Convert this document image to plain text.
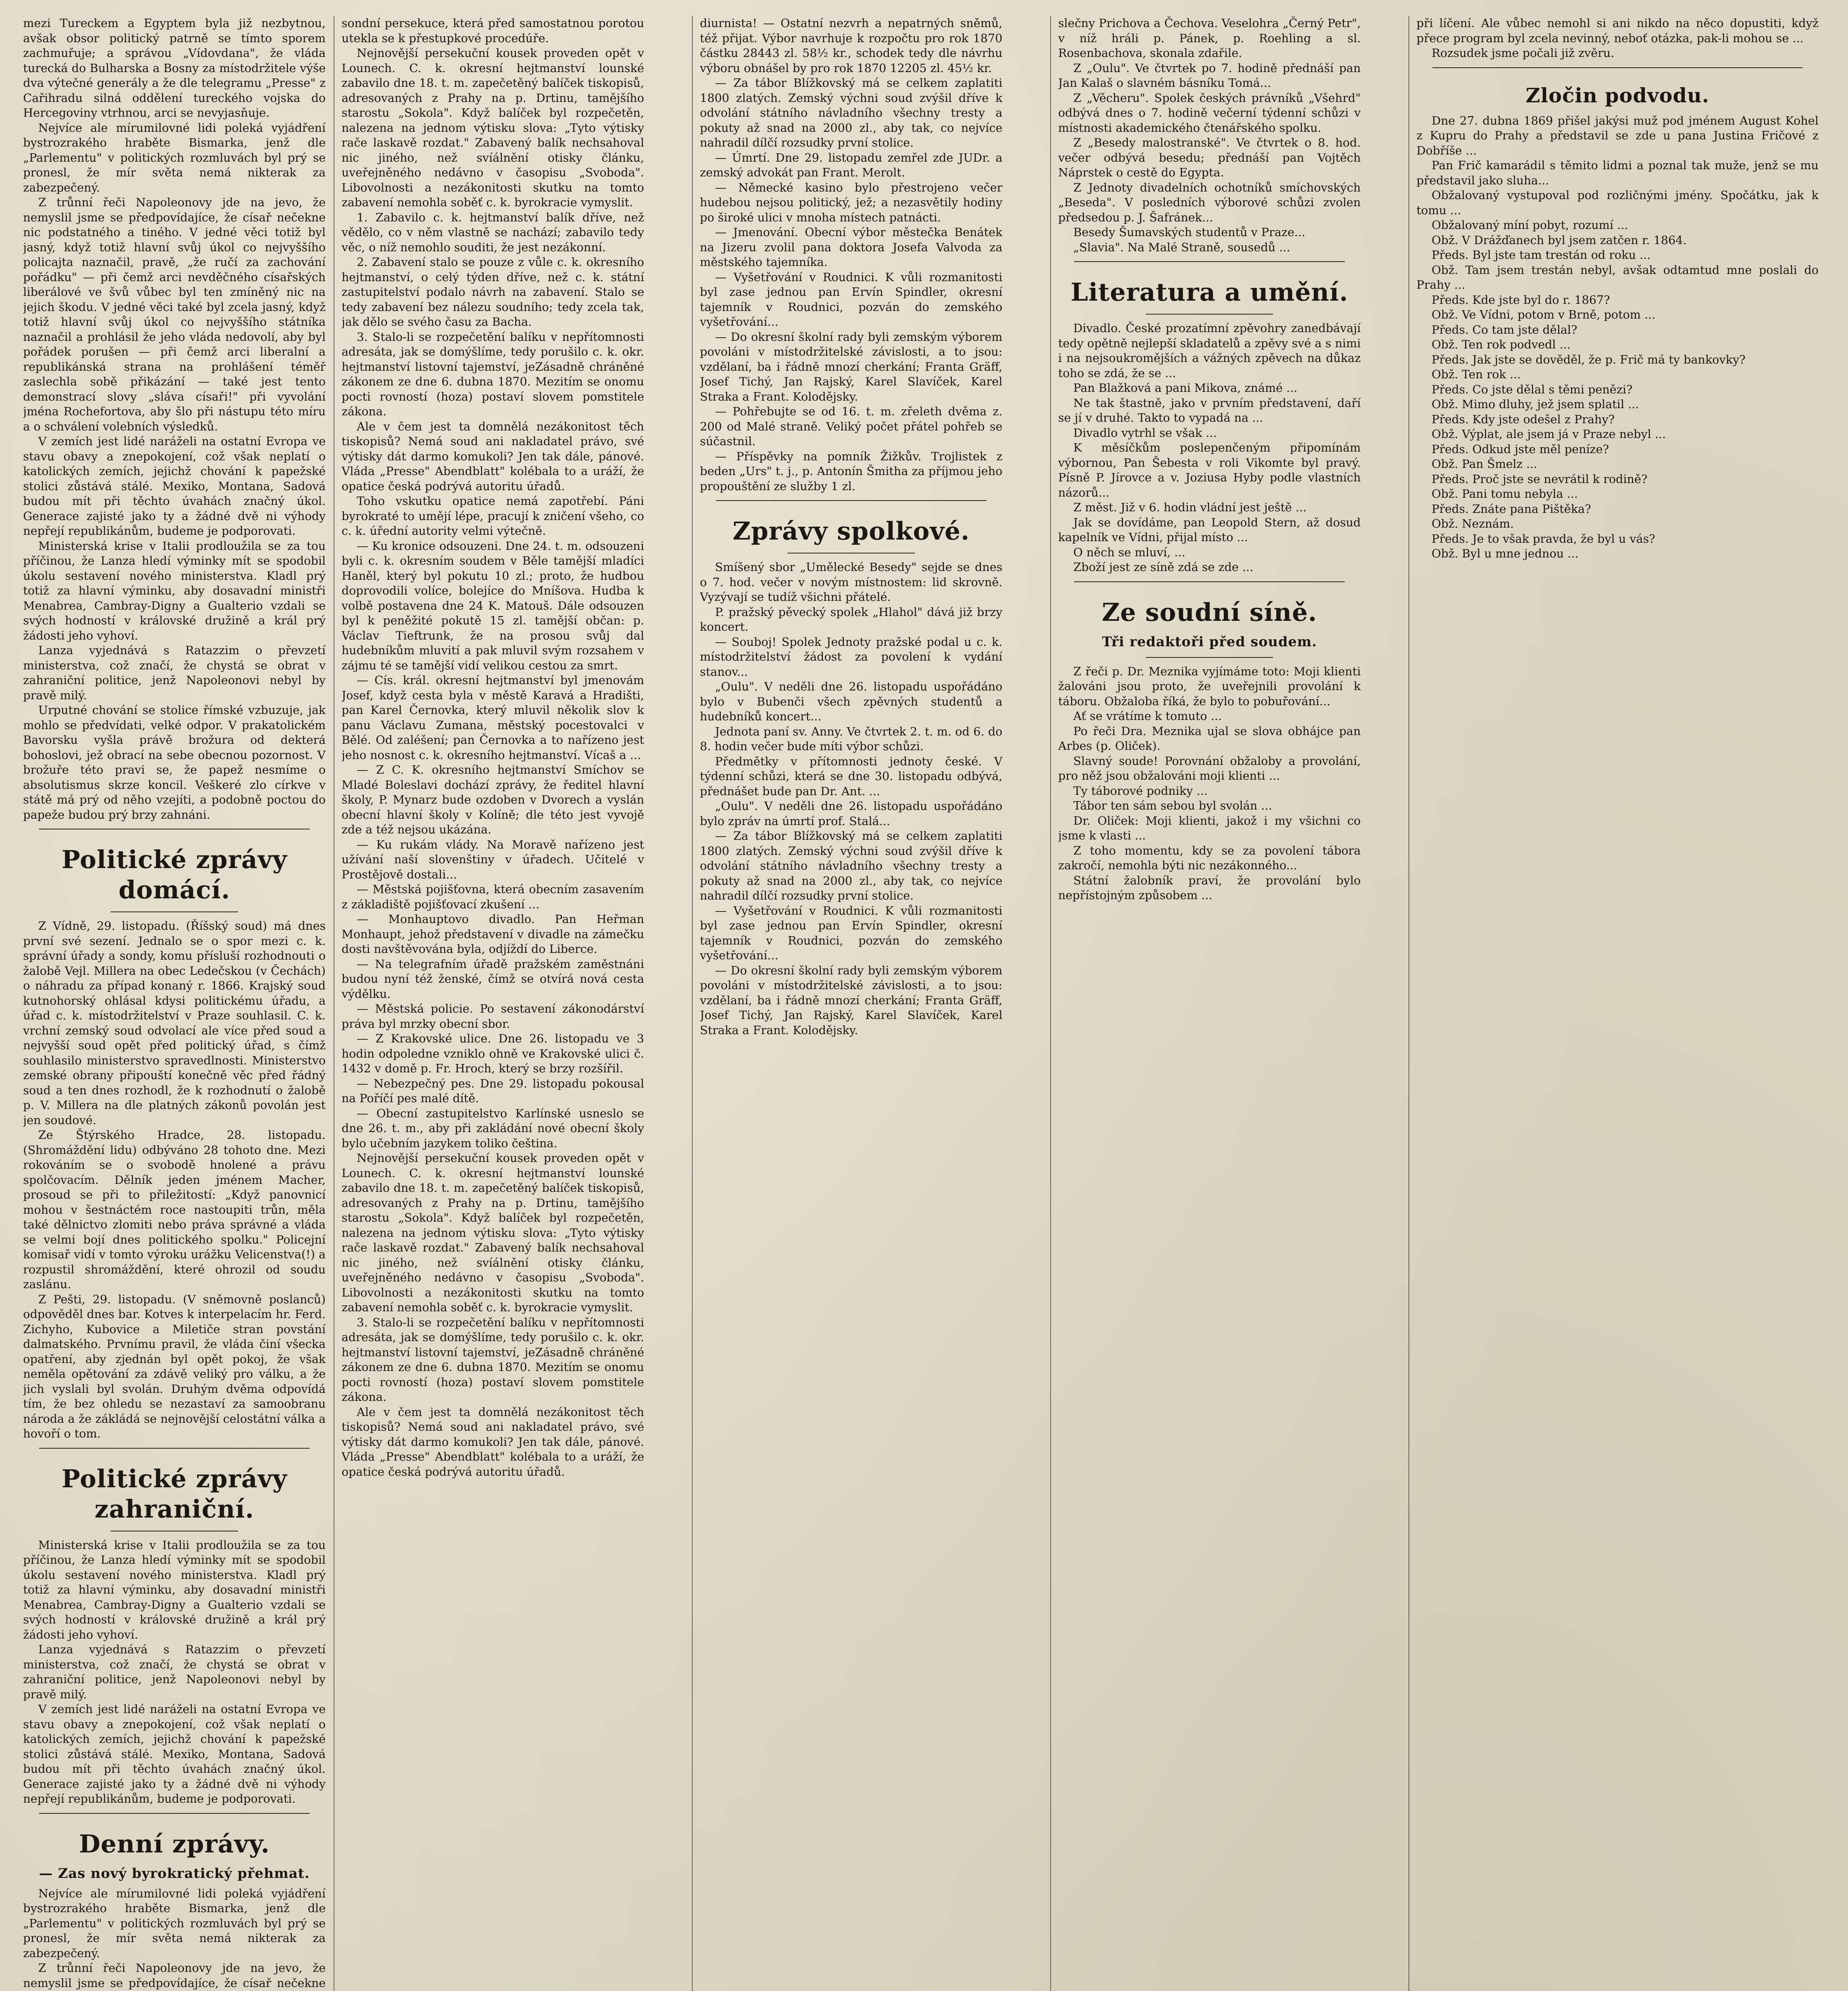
mezi Tureckem a Egyptem byla již nezbytnou, avšak obsor politický patrně se tímto sporem zachmuřuje; a správou „Vídovdana", že vláda turecká do Bulharska a Bosny za místodržitele výše dva výtečné generály a že dle telegramu „Presse" z Cařihradu silná oddělení tureckého vojska do Hercegoviny vtrhnou, arci se nevyjasňuje.

Nejvíce ale mírumilovné lidi poleká vyjádření bystrozrakého hraběte Bismarka, jenž dle „Parlementu" v politických rozmluvách byl prý se pronesl, že mír světa nemá nikterak za zabezpečený.

Z trůnní řeči Napoleonovy jde na jevo, že nemyslil jsme se předpovídajíce, že císař nečekne nic podstatného a tiného. V jedné věci totiž byl jasný, když totiž hlavní svůj úkol co nejvyššího policajta naznačil, pravě, „že ručí za zachování pořádku" — při čemž arci nevděčného císařských liberálové ve švů vůbec byl ten zmíněný nic na jejich škodu. V jedné věci také byl zcela jasný, když totiž hlavní svůj úkol co nejvyššího státníka naznačil a prohlásil že jeho vláda nedovolí, aby byl pořádek porušen — při čemž arci liberalní a republikánská strana na prohlášení téměř zaslechla sobě přikázání — také jest tento demonstrací slovy „sláva císaři!" při vyvolání jména Rochefortova, aby šlo při nástupu této míru a o schválení volebních výsledků.

V zemích jest lidé naráželi na ostatní Evropa ve stavu obavy a znepokojení, což však neplatí o katolických zemích, jejichž chování k papežské stolici zůstává stálé. Mexiko, Montana, Sadová budou mít při těchto úvahách značný úkol. Generace zajisté jako ty a žádné dvě ni výhody nepřejí republikánům, budeme je podporovati.

Ministerská krise v Italii prodloužila se za tou příčinou, že Lanza hledí výminky mít se spodobil úkolu sestavení nového ministerstva. Kladl prý totiž za hlavní výminku, aby dosavadní ministři Menabrea, Cambray-Digny a Gualterio vzdali se svých hodností v královské družině a král prý žádosti jeho vyhoví.

Lanza vyjednává s Ratazzim o převzetí ministerstva, což značí, že chystá se obrat v zahraniční politice, jenž Napoleonovi nebyl by pravě milý.

Urputné chování se stolice římské vzbuzuje, jak mohlo se předvídati, velké odpor. V prakatolickém Bavorsku vyšla právě brožura od dekterá bohoslovi, jež obrací na sebe obecnou pozornost. V brožuře této pravi se, že papež nesmíme o absolutismus skrze koncil. Veškeré zlo církve v státě má prý od něho vzejíti, a podobně poctou do papeže budou prý brzy zahnáni.

Politické zprávy domácí.

Z Vídně, 29. listopadu. (Říšský soud) má dnes první své sezení. Jednalo se o spor mezi c. k. správní úřady a sondy, komu přísluší rozhodnouti o žalobě Vejl. Millera na obec Ledečskou (v Čechách) o náhradu za případ konaný r. 1866. Krajský soud kutnohorský ohlásal kdysi politickému úřadu, a úřad c. k. místodržitelství v Praze souhlasil. C. k. vrchní zemský soud odvolací ale více před soud a nejvyšší soud opět před politický úřad, s čímž souhlasilo ministerstvo spravedlnosti. Ministerstvo zemské obrany připouští konečně věc před řádný soud a ten dnes rozhodl, že k rozhodnutí o žalobě p. V. Millera na dle platných zákonů povolán jest jen soudové.

Ze Štýrského Hradce, 28. listopadu. (Shromáždění lidu) odbýváno 28 tohoto dne. Mezi rokováním se o svobodě hnolené a právu spolčovacím. Dělník jeden jménem Macher, prosoud se při to přiležitostí: „Když panovnicí mohou v šestnáctém roce nastoupiti trůn, měla také dělnictvo zlomiti nebo práva správné a vláda se velmi bojí dnes politického spolku." Policejní komisař vidí v tomto výroku urážku Velicenstva(!) a rozpustil shromáždění, které ohrozil od soudu zaslánu.

Z Pešti, 29. listopadu. (V sněmovně poslanců) odpověděl dnes bar. Kotves k interpelacím hr. Ferd. Zichyho, Kubovice a Miletiče stran povstání dalmatského. Prvnímu pravil, že vláda činí všecka opatření, aby zjednán byl opět pokoj, že však neměla opětování za zdávě veliký pro válku, a že jich vyslali byl svolán. Druhým dvěma odpovídá tím, že bez ohledu se nezastaví za samoobranu národa a že zákládá se nejnovější celostátní válka a hovoří o tom.

Politické zprávy zahraniční.

Ministerská krise v Italii prodloužila se za tou příčinou, že Lanza hledí výminky mít se spodobil úkolu sestavení nového ministerstva. Kladl prý totiž za hlavní výminku, aby dosavadní ministři Menabrea, Cambray-Digny a Gualterio vzdali se svých hodností v královské družině a král prý žádosti jeho vyhoví.

Lanza vyjednává s Ratazzim o převzetí ministerstva, což značí, že chystá se obrat v zahraniční politice, jenž Napoleonovi nebyl by pravě milý.

V zemích jest lidé naráželi na ostatní Evropa ve stavu obavy a znepokojení, což však neplatí o katolických zemích, jejichž chování k papežské stolici zůstává stálé. Mexiko, Montana, Sadová budou mít při těchto úvahách značný úkol. Generace zajisté jako ty a žádné dvě ni výhody nepřejí republikánům, budeme je podporovati.

Denní zprávy.
— Zas nový byrokratický přehmat.

Nejvíce ale mírumilovné lidi poleká vyjádření bystrozrakého hraběte Bismarka, jenž dle „Parlementu" v politických rozmluvách byl prý se pronesl, že mír světa nemá nikterak za zabezpečený.

Z trůnní řeči Napoleonovy jde na jevo, že nemyslil jsme se předpovídajíce, že císař nečekne

sondní persekuce, která před samostatnou porotou utekla se k přestupkové procedúře.

Nejnovější persekuční kousek proveden opět v Lounech. C. k. okresní hejtmanství lounské zabavilo dne 18. t. m. zapečetěný balíček tiskopisů, adresovaných z Prahy na p. Drtinu, tamějšího starostu „Sokola". Když balíček byl rozpečetěn, nalezena na jednom výtisku slova: „Tyto výtisky rače laskavě rozdat." Zabavený balík nechsahoval nic jiného, než svíálnění otisky článku, uveřejněného nedávno v časopisu „Svoboda". Libovolnosti a nezákonitosti skutku na tomto zabavení nemohla soběť c. k. byrokracie vymyslit.

1. Zabavilo c. k. hejtmanství balík dříve, než vědělo, co v něm vlastně se nachází; zabavilo tedy věc, o níž nemohlo souditi, že jest nezákonní.

2. Zabavení stalo se pouze z vůle c. k. okresního hejtmanství, o celý týden dříve, než c. k. státní zastupitelství podalo návrh na zabavení. Stalo se tedy zabavení bez nálezu soudního; tedy zcela tak, jak dělo se svého času za Bacha.

3. Stalo-li se rozpečetění balíku v nepřítomnosti adresáta, jak se domýšlíme, tedy porušilo c. k. okr. hejtmanství listovní tajemství, jeZásadně chráněné zákonem ze dne 6. dubna 1870. Mezitím se onomu pocti rovností (hoza) postaví slovem pomstitele zákona.

Ale v čem jest ta domnělá nezákonitost těch tiskopisů? Nemá soud ani nakladatel právo, své výtisky dát darmo komukoli? Jen tak dále, pánové. Vláda „Presse" Abendblatt" kolébala to a uráží, že opatice česká podrývá autoritu úřadů.

Toho vskutku opatice nemá zapotřebí. Páni byrokraté to umějí lépe, pracují k zničení všeho, co c. k. úřední autority velmi výtečně.

— Ku kronice odsouzeni. Dne 24. t. m. odsouzeni byli c. k. okresním soudem v Běle tamější mladíci Haněl, který byl pokutu 10 zl.; proto, že hudbou doprovodili volíce, bolejíce do Mníšova. Hudba k volbě postavena dne 24 K. Matouš. Dále odsouzen byl k peněžité pokutě 15 zl. tamější občan: p. Václav Tieftrunk, že na prosou svůj dal hudebníkům mluvití a pak mluvil svým rozsahem v zájmu té se tamější vidí velikou cestou za smrt.

— Cís. král. okresní hejtmanství byl jmenovám Josef, když cesta byla v městě Karavá a Hradišti, pan Karel Černovka, který mluvil několik slov k panu Václavu Zumana, městský pocestovalci v Bělé. Od zaléšení; pan Černovka a to nařízeno jest jeho nosnost c. k. okresního hejtmanství. Vícaš a ...

— Z C. K. okresního hejtmanství Smíchov se Mladé Boleslavi dochází zprávy, že ředitel hlavní školy, P. Mynarz bude ozdoben v Dvorech a vyslán obecní hlavní školy v Kolíně; dle této jest vyvojě zde a též nejsou ukázána.

— Ku rukám vlády. Na Moravě nařízeno jest užívání naší slovenštiny v úřadech. Učitelé v Prostějově dostali...

— Městská pojišťovna, která obecním zasavením z základiště pojišťovací zkušení ...

— Monhauptovo divadlo. Pan Heřman Monhaupt, jehož představení v divadle na zámečku dosti navštěvována byla, odjíždí do Liberce.

— Na telegrafním úřadě pražském zaměstnáni budou nyní též ženské, čímž se otvírá nová cesta výdělku.

— Městská policie. Po sestavení zákonodárství práva byl mrzky obecní sbor.

— Z Krakovské ulice. Dne 26. listopadu ve 3 hodin odpoledne vzniklo ohně ve Krakovské ulici č. 1432 v domě p. Fr. Hroch, který se brzy rozšířil.

— Nebezpečný pes. Dne 29. listopadu pokousal na Poříčí pes malé dítě.

— Obecní zastupitelstvo Karlínské usneslo se dne 26. t. m., aby při zakládání nové obecní školy bylo učebním jazykem toliko čeština.

Nejnovější persekuční kousek proveden opět v Lounech. C. k. okresní hejtmanství lounské zabavilo dne 18. t. m. zapečetěný balíček tiskopisů, adresovaných z Prahy na p. Drtinu, tamějšího starostu „Sokola". Když balíček byl rozpečetěn, nalezena na jednom výtisku slova: „Tyto výtisky rače laskavě rozdat." Zabavený balík nechsahoval nic jiného, než svíálnění otisky článku, uveřejněného nedávno v časopisu „Svoboda". Libovolnosti a nezákonitosti skutku na tomto zabavení nemohla soběť c. k. byrokracie vymyslit.

3. Stalo-li se rozpečetění balíku v nepřítomnosti adresáta, jak se domýšlíme, tedy porušilo c. k. okr. hejtmanství listovní tajemství, jeZásadně chráněné zákonem ze dne 6. dubna 1870. Mezitím se onomu pocti rovností (hoza) postaví slovem pomstitele zákona.

Ale v čem jest ta domnělá nezákonitost těch tiskopisů? Nemá soud ani nakladatel právo, své výtisky dát darmo komukoli? Jen tak dále, pánové. Vláda „Presse" Abendblatt" kolébala to a uráží, že opatice česká podrývá autoritu úřadů.

diurnista! — Ostatní nezvrh a nepatrných sněmů, též přijat. Výbor navrhuje k rozpočtu pro rok 1870 částku 28443 zl. 58½ kr., schodek tedy dle návrhu výboru obnášel by pro rok 1870 12205 zl. 45½ kr.

— Za tábor Blížkovský má se celkem zaplatiti 1800 zlatých. Zemský výchni soud zvýšil dříve k odvolání státního návladního všechny tresty a pokuty až snad na 2000 zl., aby tak, co nejvíce nahradil dílčí rozsudky první stolice.

— Úmrtí. Dne 29. listopadu zemřel zde JUDr. a zemský advokát pan Frant. Merolt.

— Německé kasino bylo přestrojeno večer hudebou nejsou politický, jež; a nezasvětily hodiny po široké ulici v mnoha místech patnácti.

— Jmenování. Obecní výbor městečka Benátek na Jizeru zvolil pana doktora Josefa Valvoda za městského tajemníka.

— Vyšetřování v Roudnici. K vůli rozmanitosti byl zase jednou pan Ervín Spindler, okresní tajemník v Roudnici, pozván do zemského vyšetřování...

— Do okresní školní rady byli zemským výborem povoláni v místodržitelské závislosti, a to jsou: vzdělaní, ba i řádně mnozí cherkání; Franta Gräff, Josef Tichý, Jan Rajský, Karel Slavíček, Karel Straka a Frant. Kolodějsky.

— Pohřebujte se od 16. t. m. zřeleth dvěma z. 200 od Malé straně. Veliký počet přátel pohřeb se súčastnil.

— Příspěvky na pomník Žižkův. Trojlistek z beden „Urs" t. j., p. Antonín Šmitha za příjmou jeho propouštění ze služby 1 zl.

Zprávy spolkové.

Smíšený sbor „Umělecké Besedy" sejde se dnes o 7. hod. večer v novým místnostem: lid skrovně. Vyzývají se tudíž všichni přátelé.

P. pražský pěvecký spolek „Hlahol" dává již brzy koncert.

— Souboj! Spolek Jednoty pražské podal u c. k. místodržitelství žádost za povolení k vydání stanov...

„Oulu". V neděli dne 26. listopadu uspořádáno bylo v Bubenči všech zpěvných studentů a hudebníků koncert...

Jednota paní sv. Anny. Ve čtvrtek 2. t. m. od 6. do 8. hodin večer bude míti výbor schůzi.

Předmětky v přítomnosti jednoty české. V týdenní schůzi, která se dne 30. listopadu odbývá, přednášet bude pan Dr. Ant. ...

„Oulu". V neděli dne 26. listopadu uspořádáno bylo zpráv na úmrtí prof. Stalá...

— Za tábor Blížkovský má se celkem zaplatiti 1800 zlatých. Zemský výchni soud zvýšil dříve k odvolání státního návladního všechny tresty a pokuty až snad na 2000 zl., aby tak, co nejvíce nahradil dílčí rozsudky první stolice.

— Vyšetřování v Roudnici. K vůli rozmanitosti byl zase jednou pan Ervín Spindler, okresní tajemník v Roudnici, pozván do zemského vyšetřování...

— Do okresní školní rady byli zemským výborem povoláni v místodržitelské závislosti, a to jsou: vzdělaní, ba i řádně mnozí cherkání; Franta Gräff, Josef Tichý, Jan Rajský, Karel Slavíček, Karel Straka a Frant. Kolodějsky.

slečny Prichova a Čechova. Veselohra „Černý Petr", v níž hráli p. Pánek, p. Roehling a sl. Rosenbachova, skonala zdařile.

Z „Oulu". Ve čtvrtek po 7. hodině přednáší pan Jan Kalaš o slavném básníku Tomá...

Z „Věcheru". Spolek českých právníků „Všehrd" odbývá dnes o 7. hodině večerní týdenní schůzi v místnosti akademického čtenářského spolku.

Z „Besedy malostranské". Ve čtvrtek o 8. hod. večer odbývá besedu; přednáší pan Vojtěch Náprstek o cestě do Egypta.

Z Jednoty divadelních ochotníků smíchovských „Beseda". V posledních výborové schůzi zvolen předsedou p. J. Šafránek...

Besedy Šumavských studentů v Praze...

„Slavia". Na Malé Straně, sousedů ...

Literatura a umění.

Divadlo. České prozatímní zpěvohry zanedbávají tedy opětně nejlepší skladatelů a zpěvy své a s nimi i na nejsoukromějších a vážných zpěvech na důkaz toho se zdá, že se ...

Pan Blažková a pani Mikova, známé ...

Ne tak štastně, jako v prvním představení, daří se jí v druhé. Takto to vypadá na ...

Divadlo vytrhl se však ...

K měsíčkům poslepenčeným připomínám výbornou, Pan Šebesta v roli Vikomte byl pravý. Písně P. Jírovce a v. Joziusa Hyby podle vlastních názorů...

Z měst. Již v 6. hodin vládní jest ještě ...

Jak se dovídáme, pan Leopold Stern, až dosud kapelník ve Vídni, přijal místo ...

O něch se mluví, ...

Zboží jest ze síně zdá se zde ...

Ze soudní síně.
Tři redaktoři před soudem.

Z řeči p. Dr. Meznika vyjímáme toto: Moji klienti žalováni jsou proto, že uveřejnili provolání k táboru. Obžaloba říká, že bylo to pobuřování...

Ať se vrátíme k tomuto ...

Po řeči Dra. Meznika ujal se slova obhájce pan Arbes (p. Oliček).

Slavný soude! Porovnání obžaloby a provolání, pro něž jsou obžalováni moji klienti ...

Ty táborové podniky ...

Tábor ten sám sebou byl svolán ...

Dr. Oliček: Moji klienti, jakož i my všichni co jsme k vlasti ...

Z toho momentu, kdy se za povolení tábora zakročí, nemohla býti nic nezákonného...

Státní žalobník praví, že provolání bylo nepřístojným způsobem ...

při líčení. Ale vůbec nemohl si ani nikdo na něco dopustiti, když přece program byl zcela nevinný, neboť otázka, pak-li mohou se ...

Rozsudek jsme počali již zvěru.

Zločin podvodu.

Dne 27. dubna 1869 přišel jakýsi muž pod jménem August Kohel z Kupru do Prahy a představil se zde u pana Justina Fričové z Dobříše ...

Pan Frič kamarádil s těmito lidmi a poznal tak muže, jenž se mu představil jako sluha...

Obžalovaný vystupoval pod rozličnými jmény. Spočátku, jak k tomu ...

Obžalovaný míní pobyt, rozumí ...

Obž. V Drážďanech byl jsem zatčen r. 1864.

Předs. Byl jste tam trestán od roku ...

Obž. Tam jsem trestán nebyl, avšak odtamtud mne poslali do Prahy ...

Předs. Kde jste byl do r. 1867?

Obž. Ve Vídni, potom v Brně, potom ...

Předs. Co tam jste dělal?

Obž. Ten rok podvedl ...

Předs. Jak jste se dověděl, že p. Frič má ty bankovky?

Obž. Ten rok ...

Předs. Co jste dělal s těmi penězi?

Obž. Mimo dluhy, jež jsem splatil ...

Předs. Kdy jste odešel z Prahy?

Obž. Výplat, ale jsem já v Praze nebyl ...

Předs. Odkud jste měl peníze?

Obž. Pan Šmelz ...

Předs. Proč jste se nevrátil k rodině?

Obž. Pani tomu nebyla ...

Předs. Znáte pana Pištěka?

Obž. Neznám.

Předs. Je to však pravda, že byl u vás?

Obž. Byl u mne jednou ...
